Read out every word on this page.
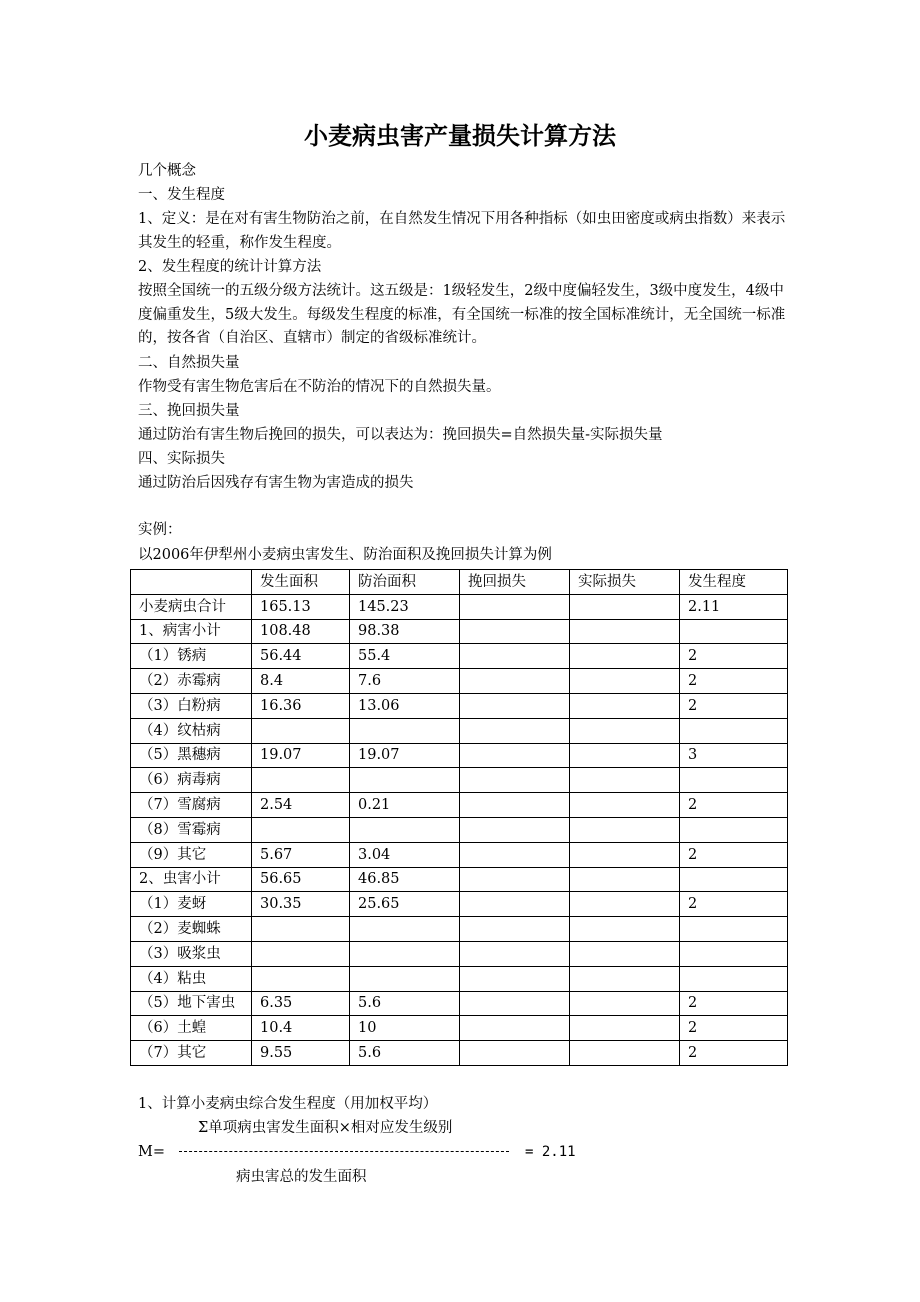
小麦病虫害产量损失计算方法
几个概念
一、发生程度
1、定义：是在对有害生物防治之前，在自然发生情况下用各种指标（如虫田密度或病虫指数）来表示其发生的轻重，称作发生程度。
2、发生程度的统计计算方法
按照全国统一的五级分级方法统计。这五级是：1级轻发生，2级中度偏轻发生，3级中度发生，4级中度偏重发生，5级大发生。每级发生程度的标准，有全国统一标准的按全国标准统计，无全国统一标准的，按各省（自治区、直辖市）制定的省级标准统计。
二、自然损失量
作物受有害生物危害后在不防治的情况下的自然损失量。
三、挽回损失量
通过防治有害生物后挽回的损失，可以表达为：挽回损失=自然损失量-实际损失量
四、实际损失
通过防治后因残存有害生物为害造成的损失
实例：
以2006年伊犁州小麦病虫害发生、防治面积及挽回损失计算为例
	发生面积	防治面积	挽回损失	实际损失	发生程度
小麦病虫合计	165.13	145.23			2.11
1、病害小计	108.48	98.38			
（1）锈病	56.44	55.4			2
（2）赤霉病	8.4	7.6			2
（3）白粉病	16.36	13.06			2
（4）纹枯病					
（5）黑穗病	19.07	19.07			3
（6）病毒病					
（7）雪腐病	2.54	0.21			2
（8）雪霉病					
（9）其它	5.67	3.04			2
2、虫害小计	56.65	46.85			
（1）麦蚜	30.35	25.65			2
（2）麦蜘蛛					
（3）吸浆虫					
（4）粘虫					
（5）地下害虫	6.35	5.6			2
（6）土蝗	10.4	10			2
（7）其它	9.55	5.6			2
1、计算小麦病虫综合发生程度（用加权平均）
Σ单项病虫害发生面积×相对应发生级别
M=	= 2.11
病虫害总的发生面积
